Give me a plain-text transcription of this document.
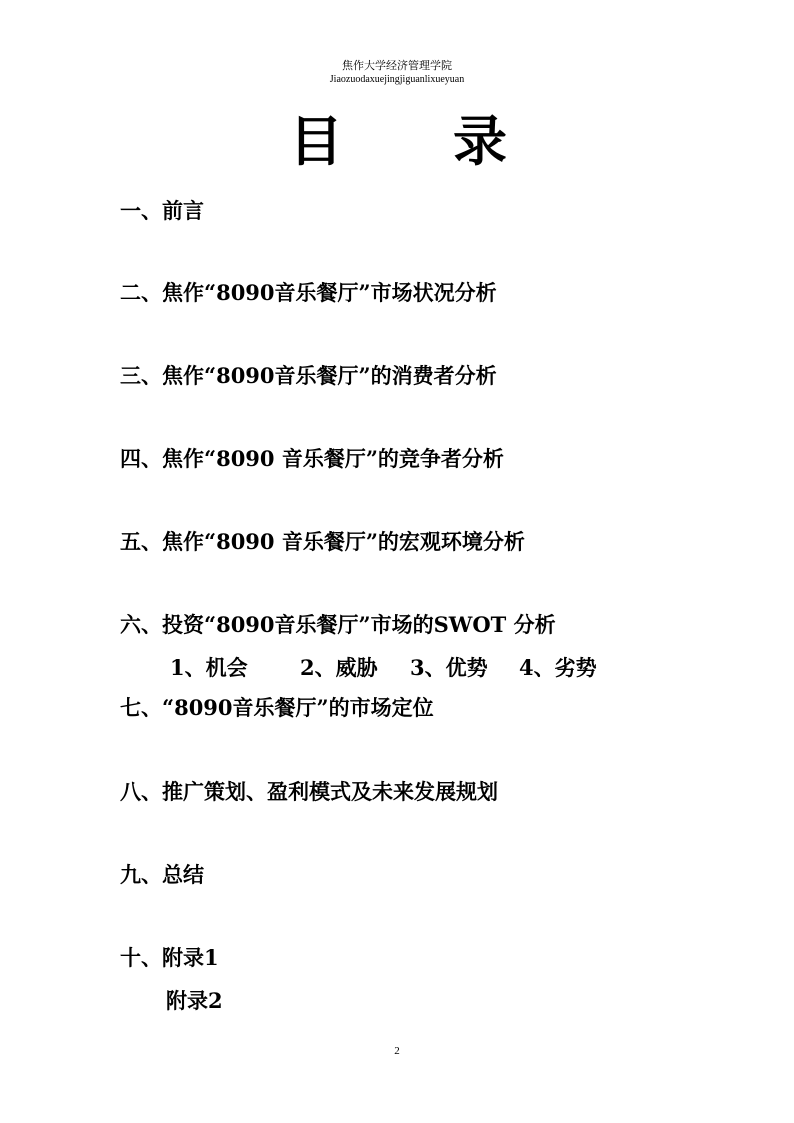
焦作大学经济管理学院
Jiaozuodaxuejingjiguanlixueyuan
目 录
一、前言
二、焦作“8090音乐餐厅”市场状况分析
三、焦作“8090音乐餐厅”的消费者分析
四、焦作“8090 音乐餐厅”的竞争者分析
五、焦作“8090 音乐餐厅”的宏观环境分析
六、投资“8090音乐餐厅”市场的SWOT 分析
1、机会 2、威胁 3、优势 4、劣势
七、“8090音乐餐厅”的市场定位
八、推广策划、盈利模式及未来发展规划
九、总结
十、附录1
附录2
2
